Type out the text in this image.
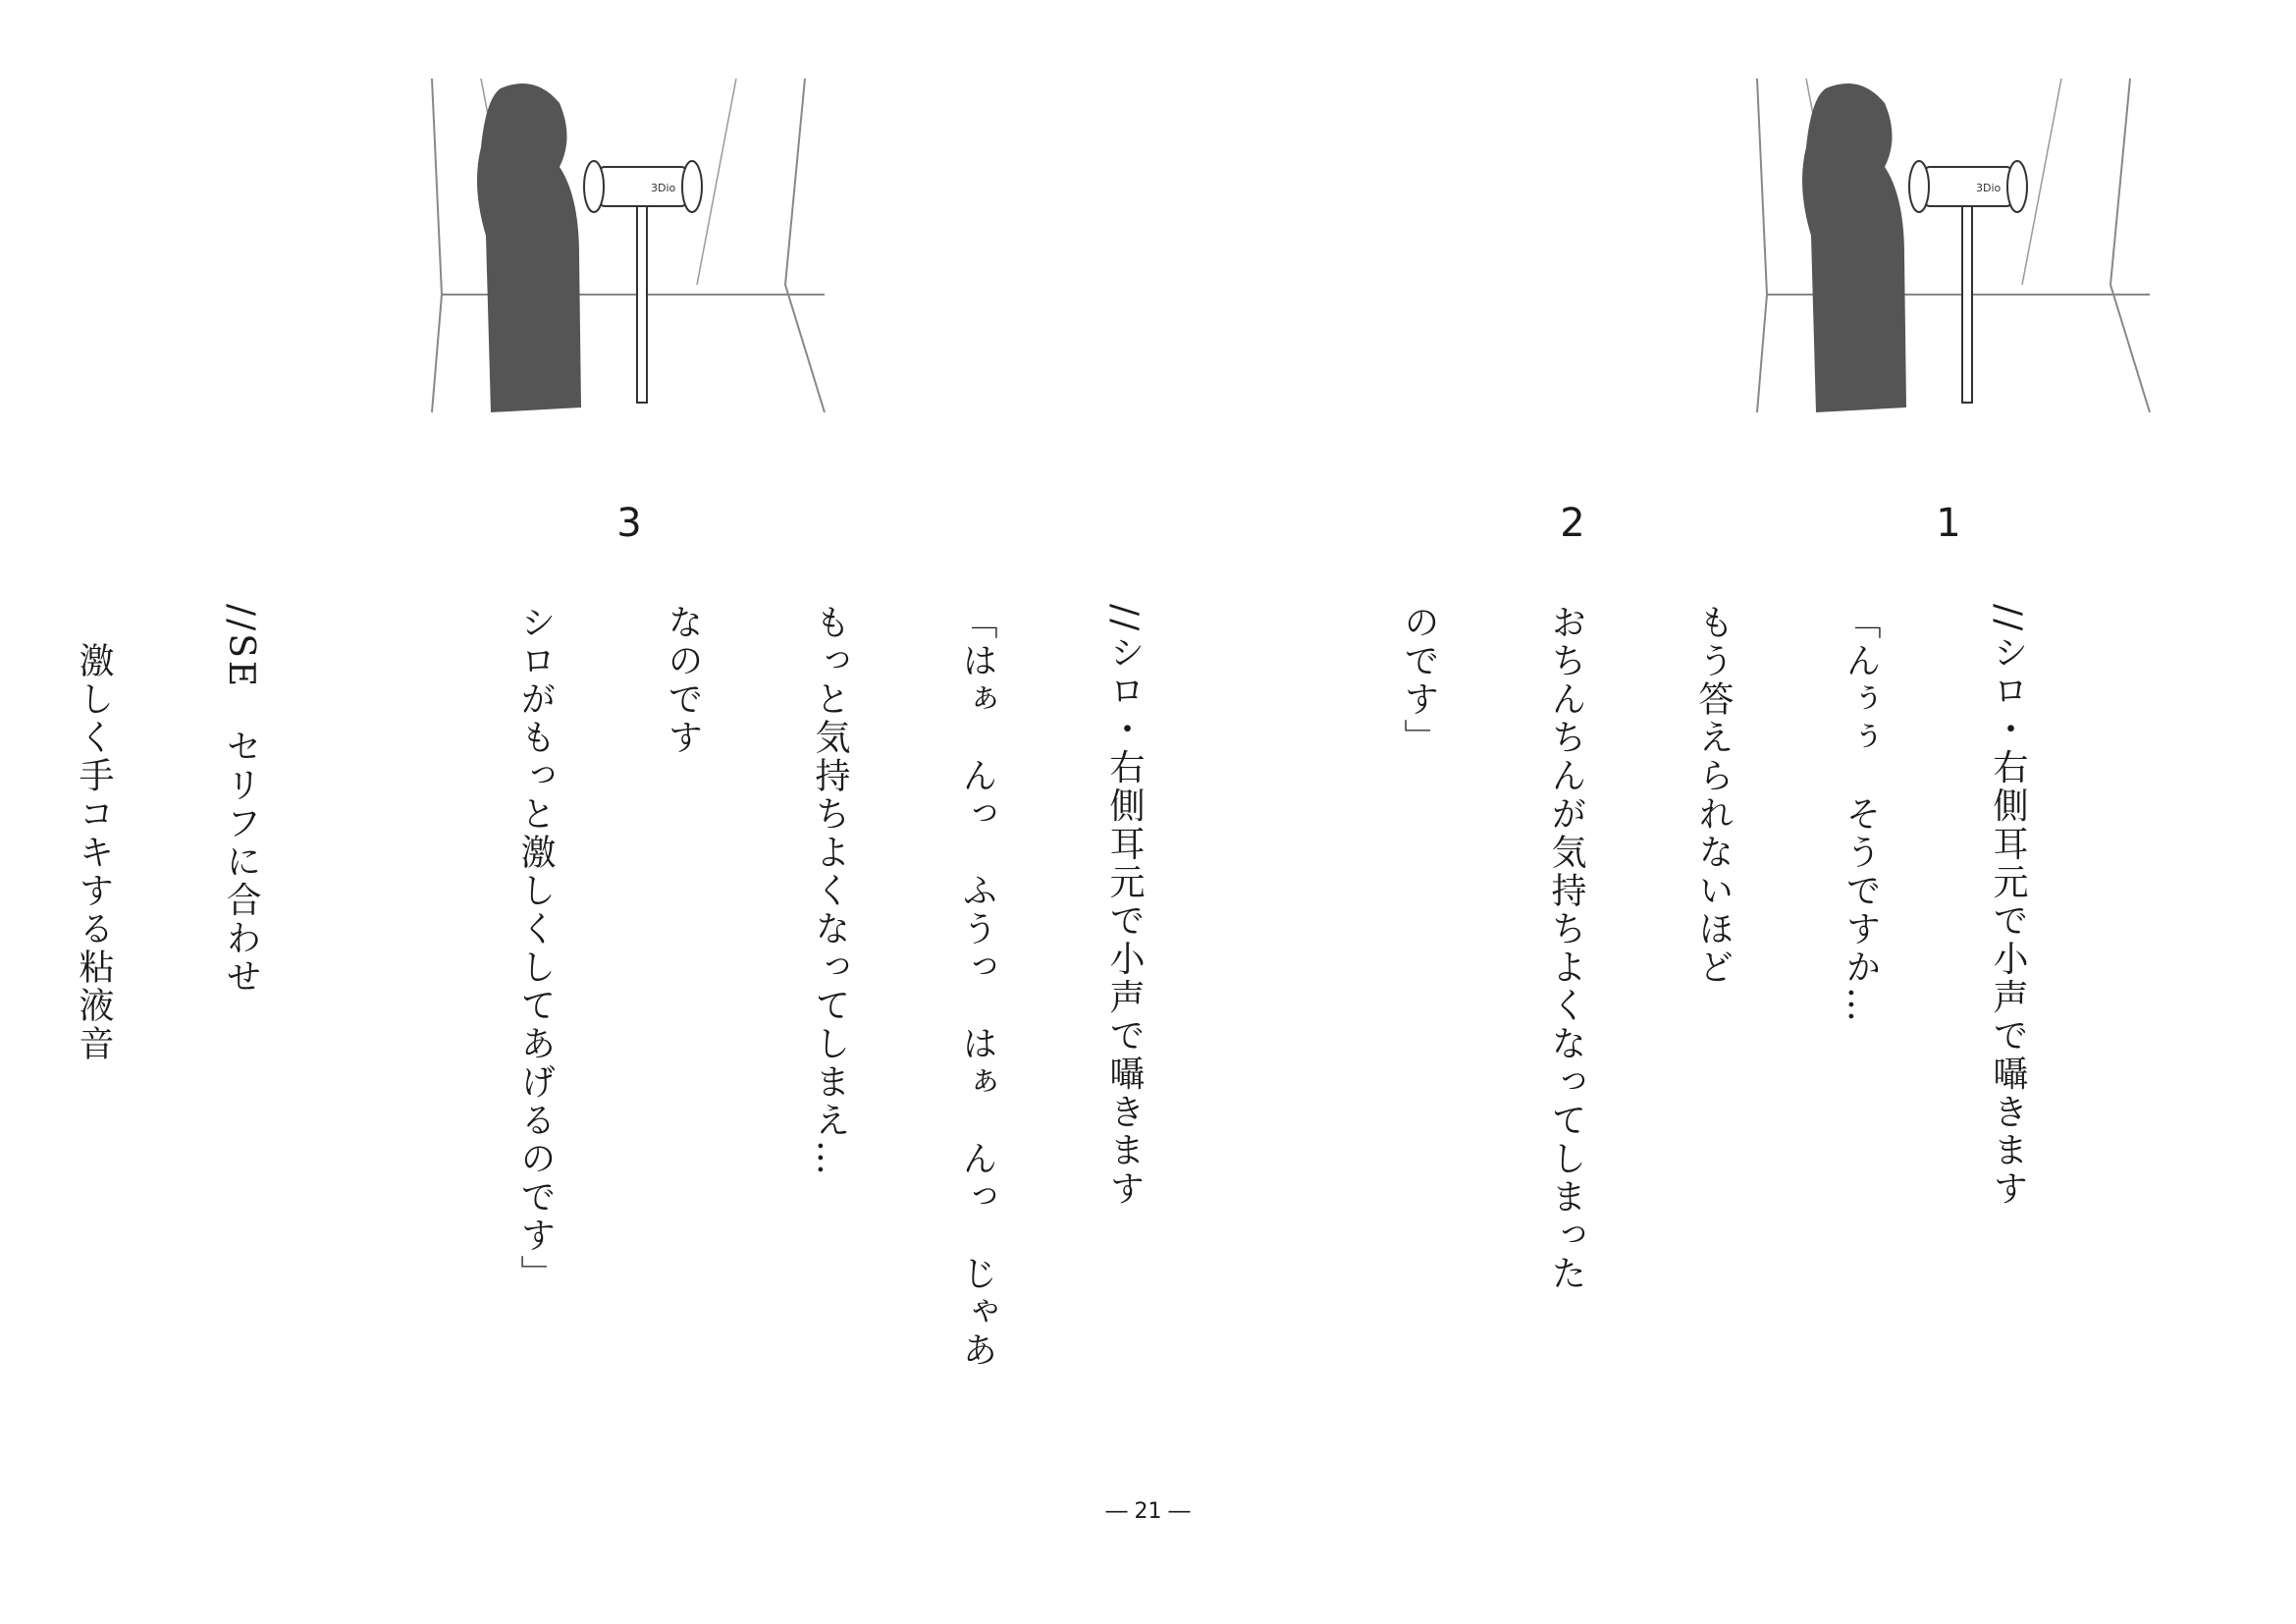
3Dio
3Dio
1
2
3

//シロ・右側耳元で小声で囁きます

「んぅぅ　そうですか…

もう答えられないほど

おちんちんが気持ちよくなってしまった

のです」

//シロ・右側耳元で小声で囁きます

「はぁ　んっ　ふうっ　はぁ　んっ　じゃあ

もっと気持ちよくなってしまえ…

なのです

シロがもっと激しくしてあげるのです」

//SE　セリフに合わせ

　激しく手コキする粘液音

― 21 ―
